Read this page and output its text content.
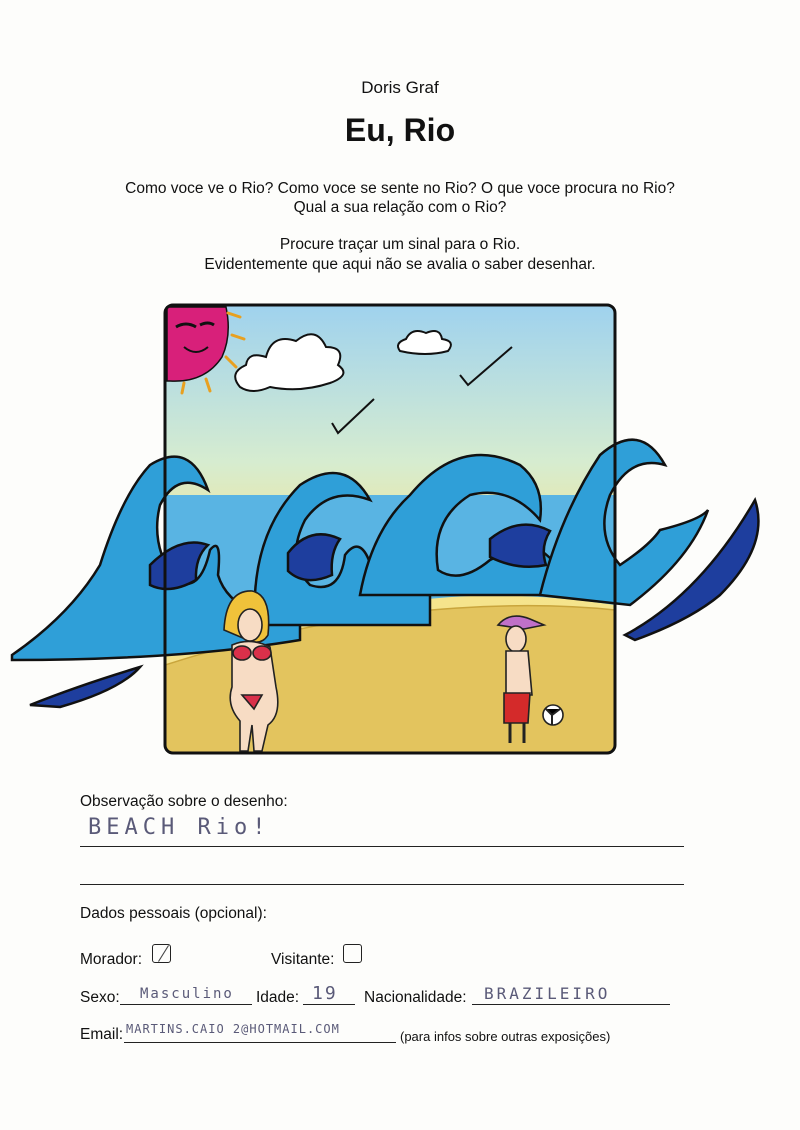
Doris Graf
Eu, Rio
Como voce ve o Rio? Como voce se sente no Rio? O que voce procura no Rio?
Qual a sua relação com o Rio?
Procure traçar um sinal para o Rio.
Evidentemente que aqui não se avalia o saber desenhar.
Observação sobre o desenho:
BEACH Rio!
Dados pessoais (opcional):
Morador:	Visitante:
Sexo: Masculino Idade: 19 Nacionalidade: BRAZILEIRO
Email: MARTINS.CAIO 2@HOTMAIL.COM	(para infos sobre outras exposições)
